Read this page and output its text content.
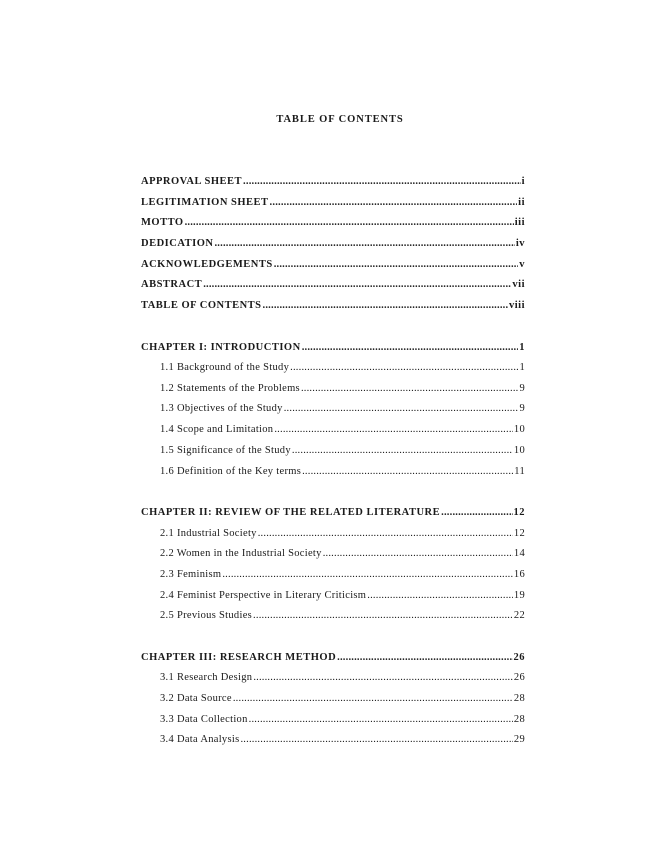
TABLE OF CONTENTS
APPROVAL SHEET .....	i
LEGITIMATION SHEET .....	ii
MOTTO .....	iii
DEDICATION .....	iv
ACKNOWLEDGEMENTS .....	v
ABSTRACT .....	vii
TABLE OF CONTENTS .....	viii
CHAPTER I: INTRODUCTION .....	1
1.1 Background of the Study .....	1
1.2 Statements of the Problems .....	9
1.3 Objectives of the Study .....	9
1.4 Scope and Limitation .....	10
1.5 Significance of the Study .....	10
1.6 Definition of the Key terms .....	11
CHAPTER II: REVIEW OF THE RELATED LITERATURE .....	12
2.1 Industrial Society .....	12
2.2 Women in the Industrial Society .....	14
2.3 Feminism .....	16
2.4 Feminist Perspective in Literary Criticism .....	19
2.5 Previous Studies .....	22
CHAPTER III: RESEARCH METHOD .....	26
3.1 Research Design .....	26
3.2 Data Source .....	28
3.3 Data Collection .....	28
3.4 Data Analysis .....	29
